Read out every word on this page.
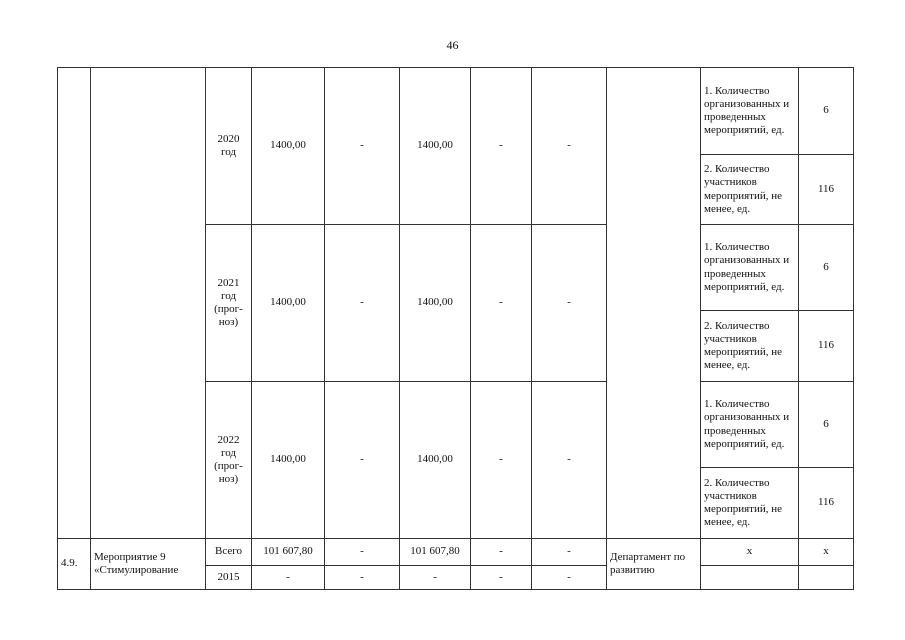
46
		2020 год	1400,00	-	1400,00	-	-		1. Количество организованных и проведенных мероприятий, ед.	6
									2. Количество участников мероприятий, не менее, ед.	116
		2021 год (прог-ноз)	1400,00	-	1400,00	-	-		1. Количество организованных и проведенных мероприятий, ед.	6
									2. Количество участников мероприятий, не менее, ед.	116
		2022 год (прог-ноз)	1400,00	-	1400,00	-	-		1. Количество организованных и проведенных мероприятий, ед.	6
									2. Количество участников мероприятий, не менее, ед.	116
4.9.	Мероприятие 9 «Стимулирование	Всего	101 607,80	-	101 607,80	-	-	Департамент по развитию	х	х
		2015	-	-	-	-	-			
